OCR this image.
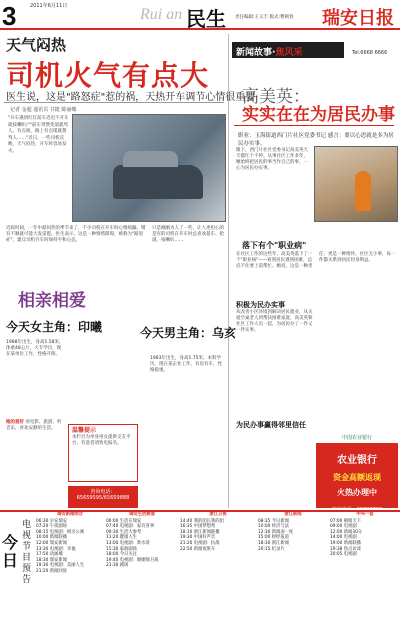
3	2011年6月11日	Rui an 民生 责任编辑:王义丰 版式:曹朝春 瑞安日报
天气闷热
司机火气有点大
医生说，这是"路怒症"惹的祸，天热开车调节心情很重要
记者 金超 通讯员 甘捷 陈丽娜
"开车遇到红灯前车迟迟不开车就按喇叭!""前车突然变道就骂人，有点烦，路上有点堵就想骂人……"近日，一些司机反映，天气闷热，开车时容易发火。
近段时间，一年中最闷热的季节来了，不少司机在开车时心情烦躁，稍有不顺就可能大发雷霆。医生表示，这是一种情绪障碍，被称为"路怒症"，建议司机开车时保持平和心态。
只是刚刚为人了一些，让人更担心的是有的司机在开车时总喜欢超车、抢道、按喇叭……
新闻故事·焦风采	Tel.6668 6666
高美英：
实实在在为居民办事
职业：玉海街道西门片社区党委书记 感言：要以心思就是多为居民办实事。
眼下，西门片社区党委书记高美英天天都忙个不停。从事社区工作多年，她始终把居民的事当作自己的事，一心为居民办实事。
落下有个"职业病"
在社区工作的这些年，高美英落下了一个"职业病"——看到居民遇到困难，总忍不住要上前帮忙。她说，这是一种责任，更是一种情怀。社区无小事，每一件都关系到居民切身利益。
积极为民办实事
从改善小区环境到解决居民就业，从关爱空巢老人到帮扶困难家庭，高美英和社区工作人员一起，为居民办了一件又一件实事。
为民办事赢得邻里信任
中国农业银行
农业银行
资金高额返现
火热办理中
咨询电话：65823700
相亲相爱
今天女主角：印曦	今天男主角：乌亥
1988年出生，身高1.58米，体重48公斤，大专学历，现在某单位工作，性格开朗。
她的爱好 看电影、旅游、听音乐，喜欢安静的生活。	温馨提示
本栏目为单身男女提供交友平台，有意者请致电报名。
咨询电话：65659595/65659888
1983年出生，身高1.75米，本科学历，现在某企业工作，有房有车，性格稳重。
今日
电视节目预告
瑞安新闻综合
06:30 早安瑞安
07:20 午夜剧场
08:15 电视剧：相亲公寓
10:00 新闻联播
12:00 瑞安新闻
13:30 电视剧：幸福
17:50 动画城
18:30 瑞安新闻
19:30 电视剧：美丽人生
21:20 新闻回放
瑞安生活频道
06:00 生活在瑞安
07:40 电视剧：家有喜事
09:30 生活大参考
11:20 健康人生
13:00 电视剧：新水浒
15:30 家政剧场
18:00 今日关注
19:40 电视剧：婚姻保卫战
21:30 剧场
浙江卫视
14:40 我的团长我的团
16:35 中国梦想秀
18:10 浙江新闻联播
19:30 中国好声音
21:20 电视剧：抗战
22:50 新闻夜班车
浙江新闻
08:35 今日新闻
10:00 经济与法
12:30 新闻深一度
15:00 财经报道
18:30 浙江新闻
20:15 纪录片
中央一套
07:00 朝闻天下
09:00 电视剧
12:00 新闻30分
14:00 电视剧
19:00 新闻联播
19:38 焦点访谈
20:05 电视剧
